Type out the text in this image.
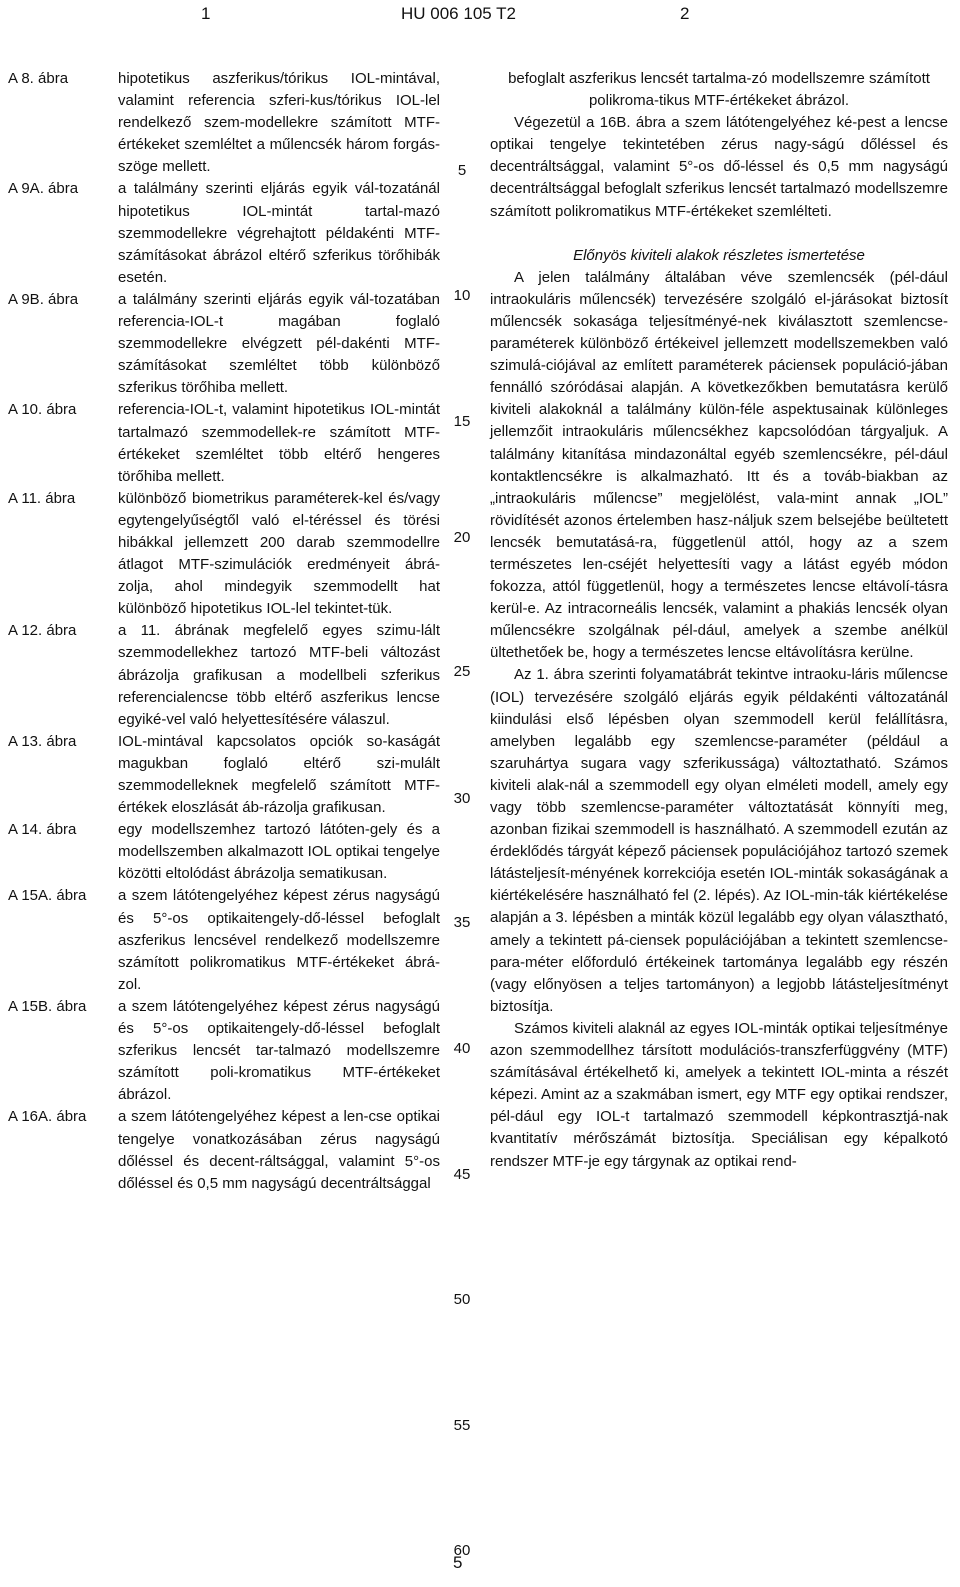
1	HU 006 105 T2	2
A 8. ábra	hipotetikus aszferikus/tórikus IOL-mintával, valamint referencia szferi-kus/tórikus IOL-lel rendelkező szem-modellekre számított MTF-értékeket szemléltet a műlencsék három forgás-szöge mellett.
A 9A. ábra	a találmány szerinti eljárás egyik vál-tozatánál hipotetikus IOL-mintát tartal-mazó szemmodellekre végrehajtott példakénti MTF-számításokat ábrázol eltérő szferikus törőhibák esetén.
A 9B. ábra	a találmány szerinti eljárás egyik vál-tozatában referencia-IOL-t magában foglaló szemmodellekre elvégzett pél-dakénti MTF-számításokat szemléltet több különböző szferikus törőhiba mellett.
A 10. ábra	referencia-IOL-t, valamint hipotetikus IOL-mintát tartalmazó szemmodellek-re számított MTF-értékeket szemléltet több eltérő hengeres törőhiba mellett.
A 11. ábra	különböző biometrikus paraméterek-kel és/vagy egytengelyűségtől való el-téréssel és törési hibákkal jellemzett 200 darab szemmodellre átlagot MTF-szimulációk eredményeit ábrá-zolja, ahol mindegyik szemmodellt hat különböző hipotetikus IOL-lel tekintet-tük.
A 12. ábra	a 11. ábrának megfelelő egyes szimu-lált szemmodellekhez tartozó MTF-beli változást ábrázolja grafikusan a modellbeli szferikus referencialencse több eltérő aszferikus lencse egyiké-vel való helyettesítésére válaszul.
A 13. ábra	IOL-mintával kapcsolatos opciók so-kaságát magukban foglaló eltérő szi-mulált szemmodelleknek megfelelő számított MTF-értékek eloszlását áb-rázolja grafikusan.
A 14. ábra	egy modellszemhez tartozó látóten-gely és a modellszemben alkalmazott IOL optikai tengelye közötti eltolódást ábrázolja sematikusan.
A 15A. ábra	a szem látótengelyéhez képest zérus nagyságú és 5°-os optikaitengely-dő-léssel befoglalt aszferikus lencsével rendelkező modellszemre számított polikromatikus MTF-értékeket ábrá-zol.
A 15B. ábra	a szem látótengelyéhez képest zérus nagyságú és 5°-os optikaitengely-dő-léssel befoglalt szferikus lencsét tar-talmazó modellszemre számított poli-kromatikus MTF-értékeket ábrázol.
A 16A. ábra	a szem látótengelyéhez képest a len-cse optikai tengelye vonatkozásában zérus nagyságú dőléssel és decent-ráltsággal, valamint 5°-os dőléssel és 0,5 mm nagyságú decentráltsággal
5
10
15
20
25
30
35
40
45
50
55
60

befoglalt aszferikus lencsét tartalma-zó modellszemre számított polikroma-tikus MTF-értékeket ábrázol.

Végezetül a 16B. ábra a szem látótengelyéhez ké-pest a lencse optikai tengelye tekintetében zérus nagy-ságú dőléssel és decentráltsággal, valamint 5°-os dő-léssel és 0,5 mm nagyságú decentráltsággal befoglalt szferikus lencsét tartalmazó modellszemre számított polikromatikus MTF-értékeket szemlélteti.

Előnyös kiviteli alakok részletes ismertetése

A jelen találmány általában véve szemlencsék (pél-dául intraokuláris műlencsék) tervezésére szolgáló el-járásokat biztosít műlencsék sokasága teljesítményé-nek kiválasztott szemlencse-paraméterek különböző értékeivel jellemzett modellszemekben való szimulá-ciójával az említett paraméterek páciensek populáció-jában fennálló szóródásai alapján. A következőkben bemutatásra kerülő kiviteli alakoknál a találmány külön-féle aspektusainak különleges jellemzőit intraokuláris műlencsékhez kapcsolódóan tárgyaljuk. A találmány kitanítása mindazonáltal egyéb szemlencsékre, pél-dául kontaktlencsékre is alkalmazható. Itt és a továb-biakban az „intraokuláris műlencse” megjelölést, vala-mint annak „IOL” rövidítését azonos értelemben hasz-náljuk szem belsejébe beültetett lencsék bemutatásá-ra, függetlenül attól, hogy az a szem természetes len-cséjét helyettesíti vagy a látást egyéb módon fokozza, attól függetlenül, hogy a természetes lencse eltávolí-tásra kerül-e. Az intracorneális lencsék, valamint a phakiás lencsék olyan műlencsékre szolgálnak pél-dául, amelyek a szembe anélkül ültethetőek be, hogy a természetes lencse eltávolításra kerülne.

Az 1. ábra szerinti folyamatábrát tekintve intraoku-láris műlencse (IOL) tervezésére szolgáló eljárás egyik példakénti változatánál kiindulási első lépésben olyan szemmodell kerül felállításra, amelyben legalább egy szemlencse-paraméter (például a szaruhártya sugara vagy szferikussága) változtatható. Számos kiviteli alak-nál a szemmodell egy olyan elméleti modell, amely egy vagy több szemlencse-paraméter változtatását könnyíti meg, azonban fizikai szemmodell is használható. A szemmodell ezután az érdeklődés tárgyát képező páciensek populációjához tartozó szemek látásteljesít-ményének korrekciója esetén IOL-minták sokaságának a kiértékelésére használható fel (2. lépés). Az IOL-min-ták kiértékelése alapján a 3. lépésben a minták közül legalább egy olyan választható, amely a tekintett pá-ciensek populációjában a tekintett szemlencse-para-méter előforduló értékeinek tartománya legalább egy részén (vagy előnyösen a teljes tartományon) a legjobb látásteljesítményt biztosítja.

Számos kiviteli alaknál az egyes IOL-minták optikai teljesítménye azon szemmodellhez társított modulációs-transzferfüggvény (MTF) számításával értékelhető ki, amelyek a tekintett IOL-minta a részét képezi. Amint az a szakmában ismert, egy MTF egy optikai rendszer, pél-dául egy IOL-t tartalmazó szemmodell képkontrasztjá-nak kvantitatív mérőszámát biztosítja. Speciálisan egy képalkotó rendszer MTF-je egy tárgynak az optikai rend-

5
